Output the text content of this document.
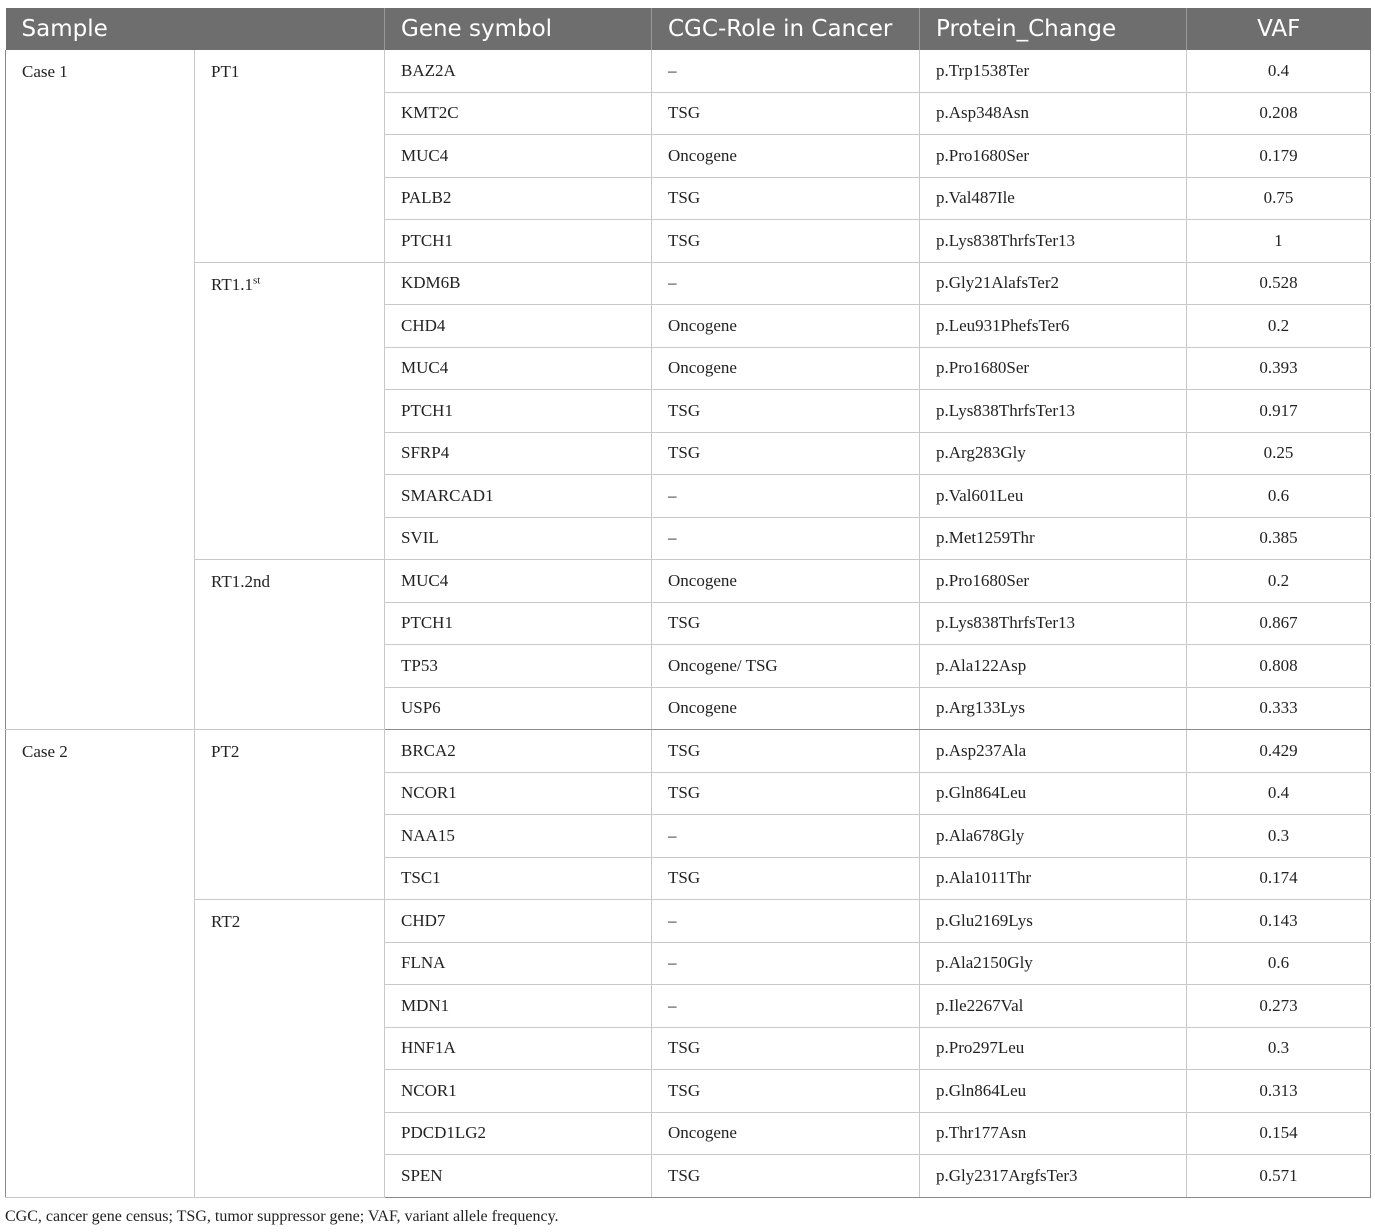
Sample		Gene symbol	CGC-Role in Cancer	Protein_Change	VAF
Case 1	PT1	BAZ2A	–	p.Trp1538Ter	0.4
		KMT2C	TSG	p.Asp348Asn	0.208
		MUC4	Oncogene	p.Pro1680Ser	0.179
		PALB2	TSG	p.Val487Ile	0.75
		PTCH1	TSG	p.Lys838ThrfsTer13	1
	RT1.1st	KDM6B	–	p.Gly21AlafsTer2	0.528
		CHD4	Oncogene	p.Leu931PhefsTer6	0.2
		MUC4	Oncogene	p.Pro1680Ser	0.393
		PTCH1	TSG	p.Lys838ThrfsTer13	0.917
		SFRP4	TSG	p.Arg283Gly	0.25
		SMARCAD1	–	p.Val601Leu	0.6
		SVIL	–	p.Met1259Thr	0.385
	RT1.2nd	MUC4	Oncogene	p.Pro1680Ser	0.2
		PTCH1	TSG	p.Lys838ThrfsTer13	0.867
		TP53	Oncogene/ TSG	p.Ala122Asp	0.808
		USP6	Oncogene	p.Arg133Lys	0.333
Case 2	PT2	BRCA2	TSG	p.Asp237Ala	0.429
		NCOR1	TSG	p.Gln864Leu	0.4
		NAA15	–	p.Ala678Gly	0.3
		TSC1	TSG	p.Ala1011Thr	0.174
	RT2	CHD7	–	p.Glu2169Lys	0.143
		FLNA	–	p.Ala2150Gly	0.6
		MDN1	–	p.Ile2267Val	0.273
		HNF1A	TSG	p.Pro297Leu	0.3
		NCOR1	TSG	p.Gln864Leu	0.313
		PDCD1LG2	Oncogene	p.Thr177Asn	0.154
		SPEN	TSG	p.Gly2317ArgfsTer3	0.571
CGC, cancer gene census; TSG, tumor suppressor gene; VAF, variant allele frequency.
